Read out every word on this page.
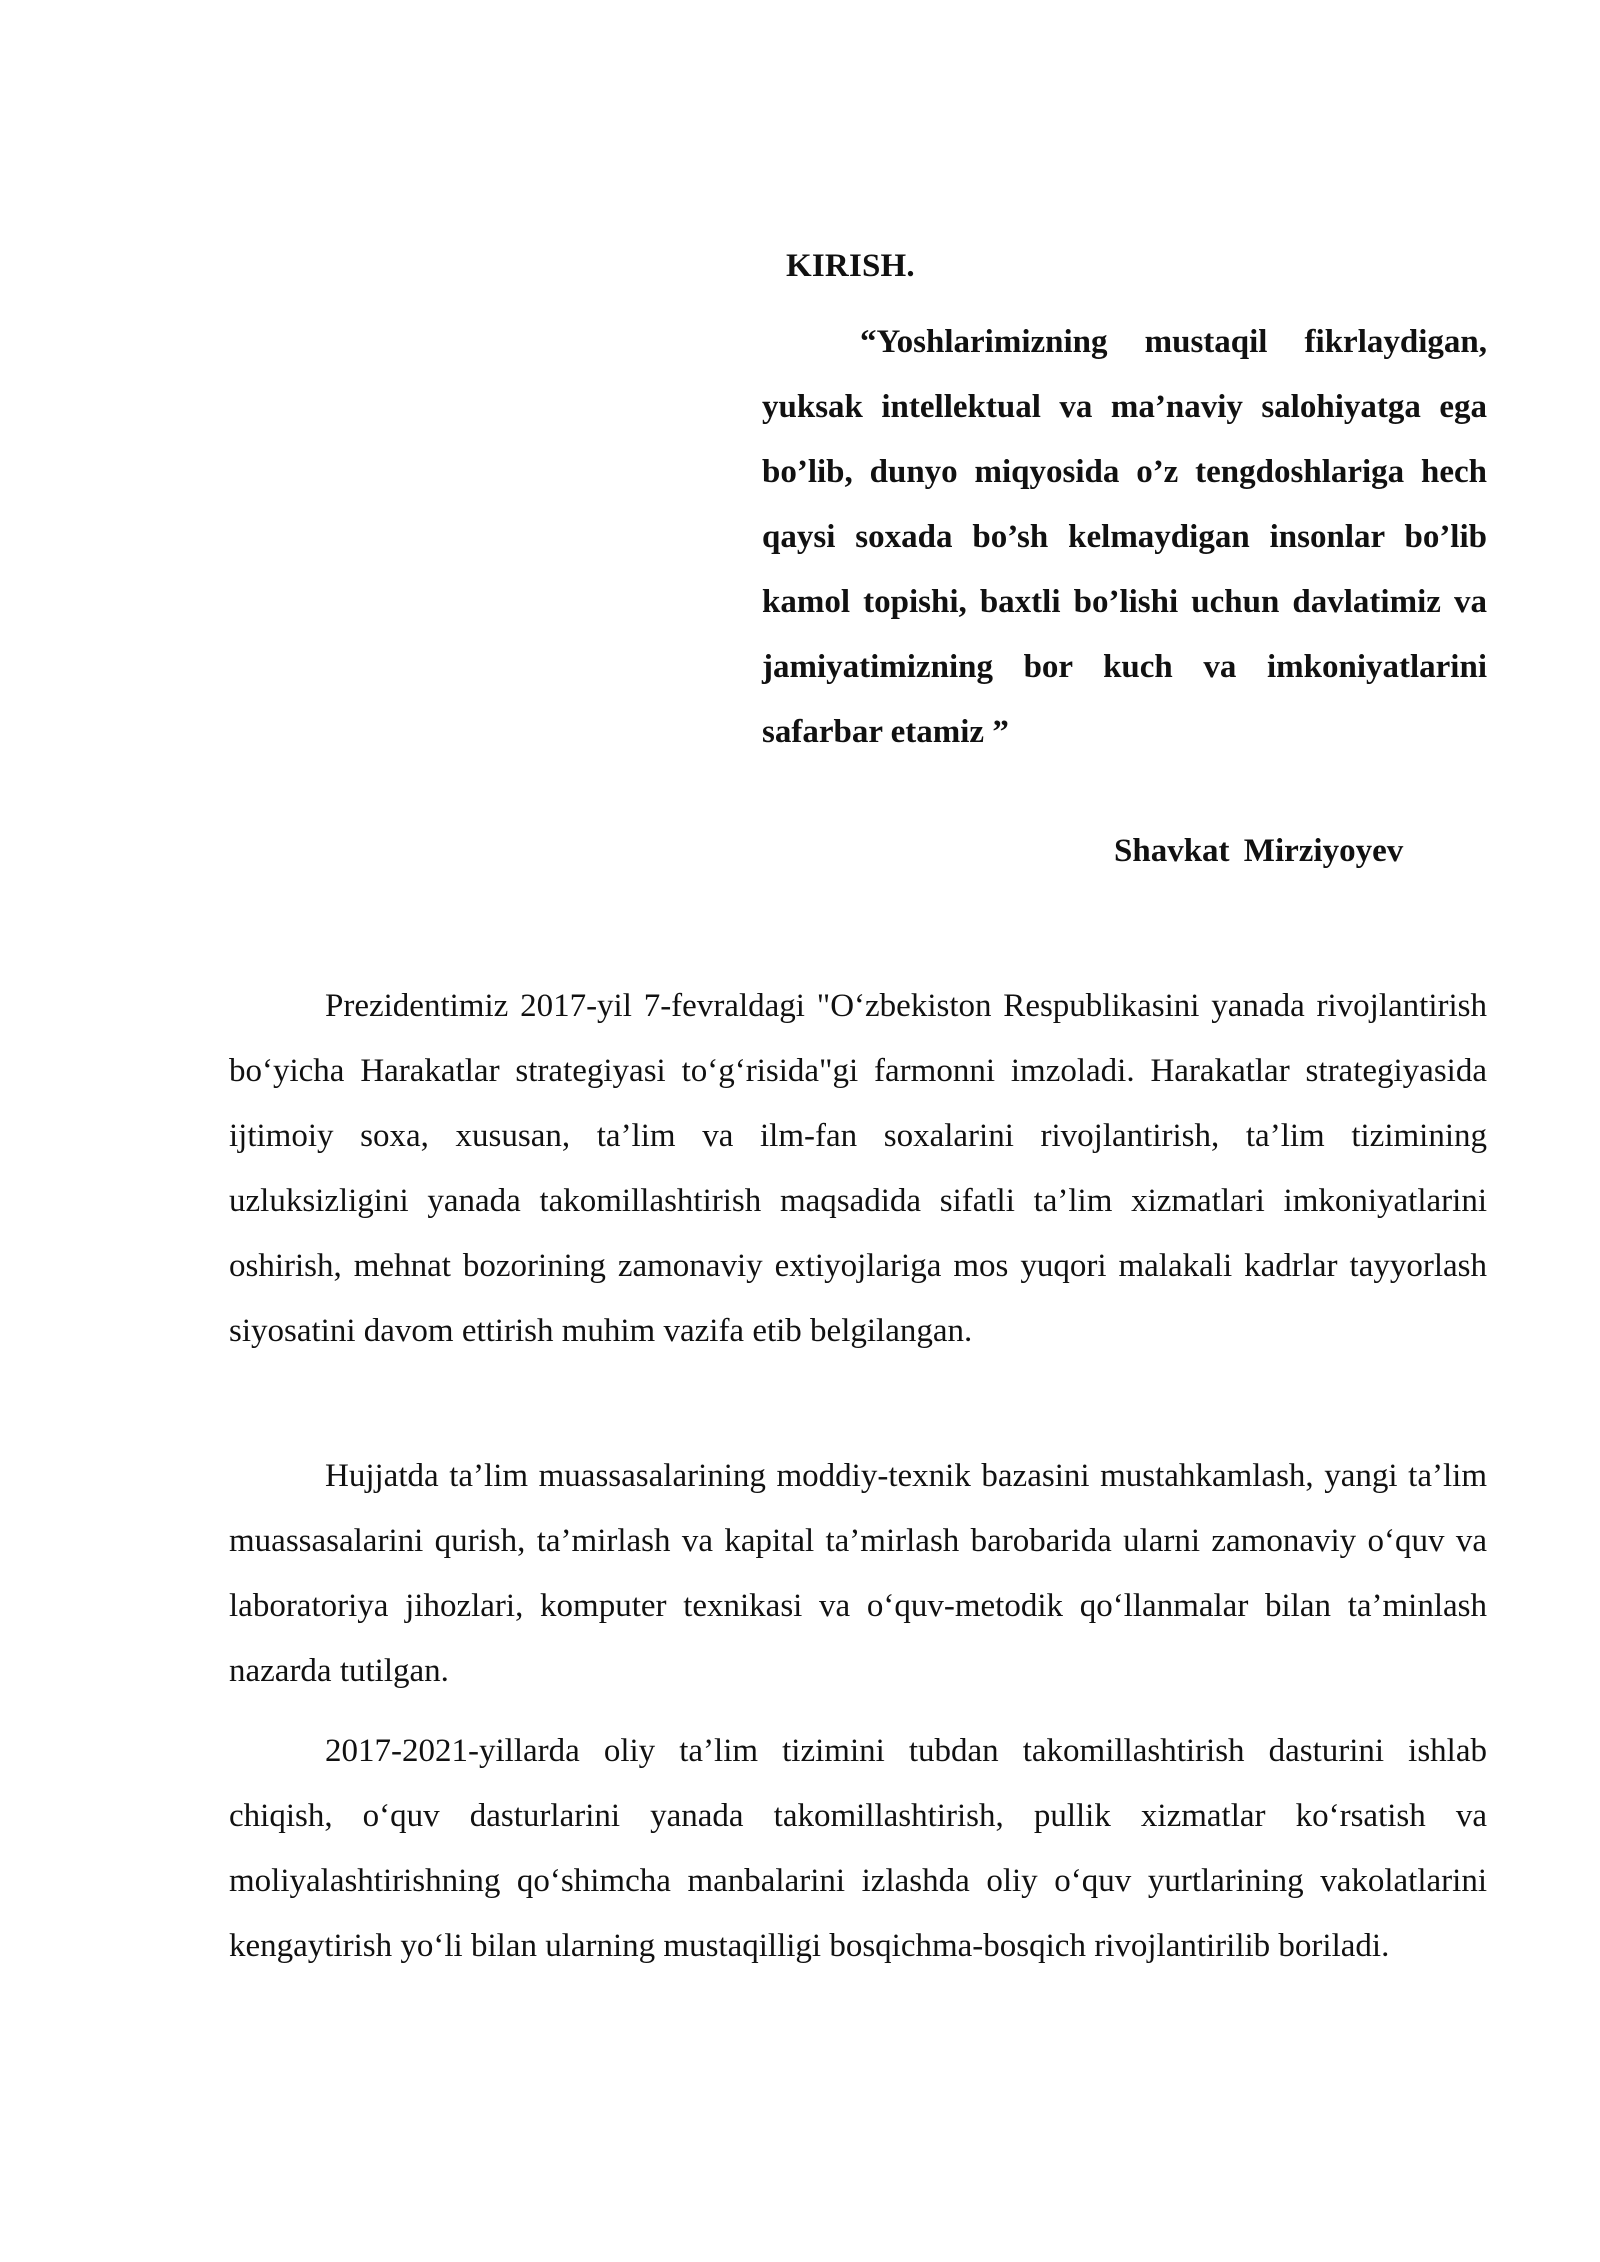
KIRISH.

“Yoshlarimizning mustaqil fikrlaydigan, yuksak intellektual va ma’naviy salohiyatga ega bo’lib, dunyo miqyosida o’z tengdoshlariga hech qaysi soxada bo’sh kelmaydigan insonlar bo’lib kamol topishi, baxtli bo’lishi uchun davlatimiz va jamiyatimizning bor kuch va imkoniyatlarini safarbar etamiz ”

Shavkat Mirziyoyev

Prezidentimiz 2017-yil 7-fevraldagi "O‘zbekiston Respublikasini yanada rivojlantirish bo‘yicha Harakatlar strategiyasi to‘g‘risida"gi farmonni imzoladi. Harakatlar strategiyasida ijtimoiy soxa, xususan, ta’lim va ilm-fan soxalarini rivojlantirish, ta’lim tizimining uzluksizligini yanada takomillashtirish maqsadida sifatli ta’lim xizmatlari imkoniyatlarini oshirish, mehnat bozorining zamonaviy extiyojlariga mos yuqori malakali kadrlar tayyorlash siyosatini davom ettirish muhim vazifa etib belgilangan.

Hujjatda ta’lim muassasalarining moddiy-texnik bazasini mustahkamlash, yangi ta’lim muassasalarini qurish, ta’mirlash va kapital ta’mirlash barobarida ularni zamonaviy o‘quv va laboratoriya jihozlari, komputer texnikasi va o‘quv-metodik qo‘llanmalar bilan ta’minlash nazarda tutilgan.

2017-2021-yillarda oliy ta’lim tizimini tubdan takomillashtirish dasturini ishlab chiqish, o‘quv dasturlarini yanada takomillashtirish, pullik xizmatlar ko‘rsatish va moliyalashtirishning qo‘shimcha manbalarini izlashda oliy o‘quv yurtlarining vakolatlarini kengaytirish yo‘li bilan ularning mustaqilligi bosqichma-bosqich rivojlantirilib boriladi.
